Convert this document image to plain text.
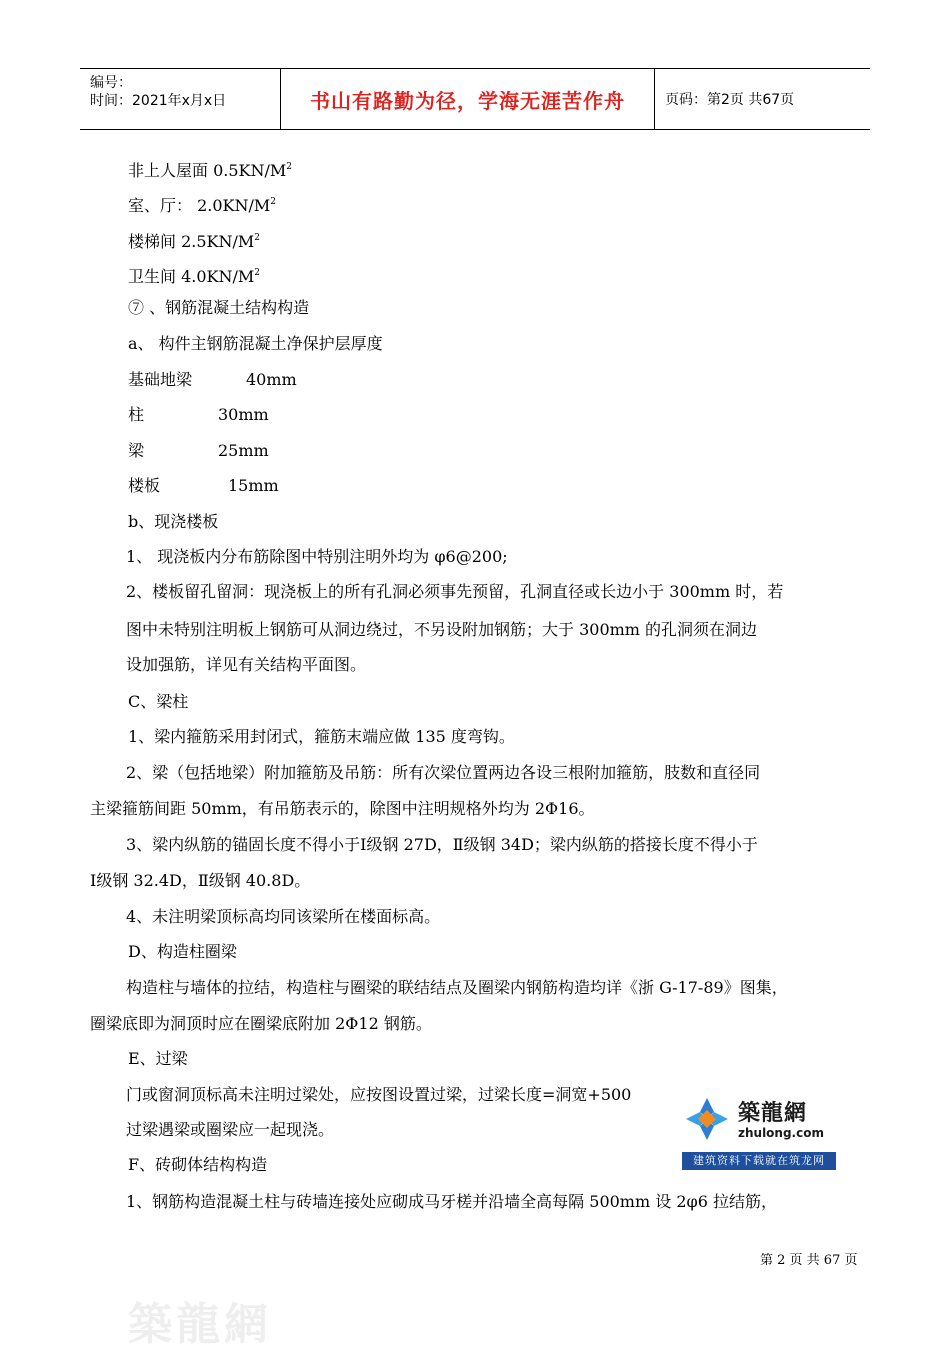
编号：
时间：2021年x月x日	书山有路勤为径，学海无涯苦作舟	页码：第2页 共67页
非上人屋面 $0.5KN/M^2$
室、厅： $2.0KN/M^2$
楼梯间 $2.5KN/M^2$
卫生间 $4.0KN/M^2$
⑦ 、钢筋混凝土结构构造
a、 构件主钢筋混凝土净保护层厚度
基础地梁	40mm
柱	30mm
梁	25mm
楼板	15mm
b、现浇楼板
1、 现浇板内分布筋除图中特别注明外均为 φ6@200;
2、楼板留孔留洞：现浇板上的所有孔洞必须事先预留，孔洞直径或长边小于 300mm 时，若
图中未特别注明板上钢筋可从洞边绕过，不另设附加钢筋；大于 300mm 的孔洞须在洞边
设加强筋，详见有关结构平面图。
C、梁柱
1、梁内箍筋采用封闭式，箍筋末端应做 135 度弯钩。
2、梁（包括地梁）附加箍筋及吊筋：所有次梁位置两边各设三根附加箍筋，肢数和直径同
主梁箍筋间距 50mm，有吊筋表示的，除图中注明规格外均为 2Φ16。
3、梁内纵筋的锚固长度不得小于Ⅰ级钢 27D，Ⅱ级钢 34D；梁内纵筋的搭接长度不得小于
Ⅰ级钢 32.4D，Ⅱ级钢 40.8D。
4、未注明梁顶标高均同该梁所在楼面标高。
D、构造柱圈梁
构造柱与墙体的拉结，构造柱与圈梁的联结结点及圈梁内钢筋构造均详《浙 G-17-89》图集，
圈梁底即为洞顶时应在圈梁底附加 2Φ12 钢筋。
E、过梁
门或窗洞顶标高未注明过梁处，应按图设置过梁，过梁长度=洞宽+500
过梁遇梁或圈梁应一起现浇。
F、砖砌体结构构造
1、钢筋构造混凝土柱与砖墙连接处应砌成马牙槎并沿墙全高每隔 500mm 设 2φ6 拉结筋，
築龍網
zhulong.com
建筑资料下载就在筑龙网
第 2 页 共 67 页
築龍網
